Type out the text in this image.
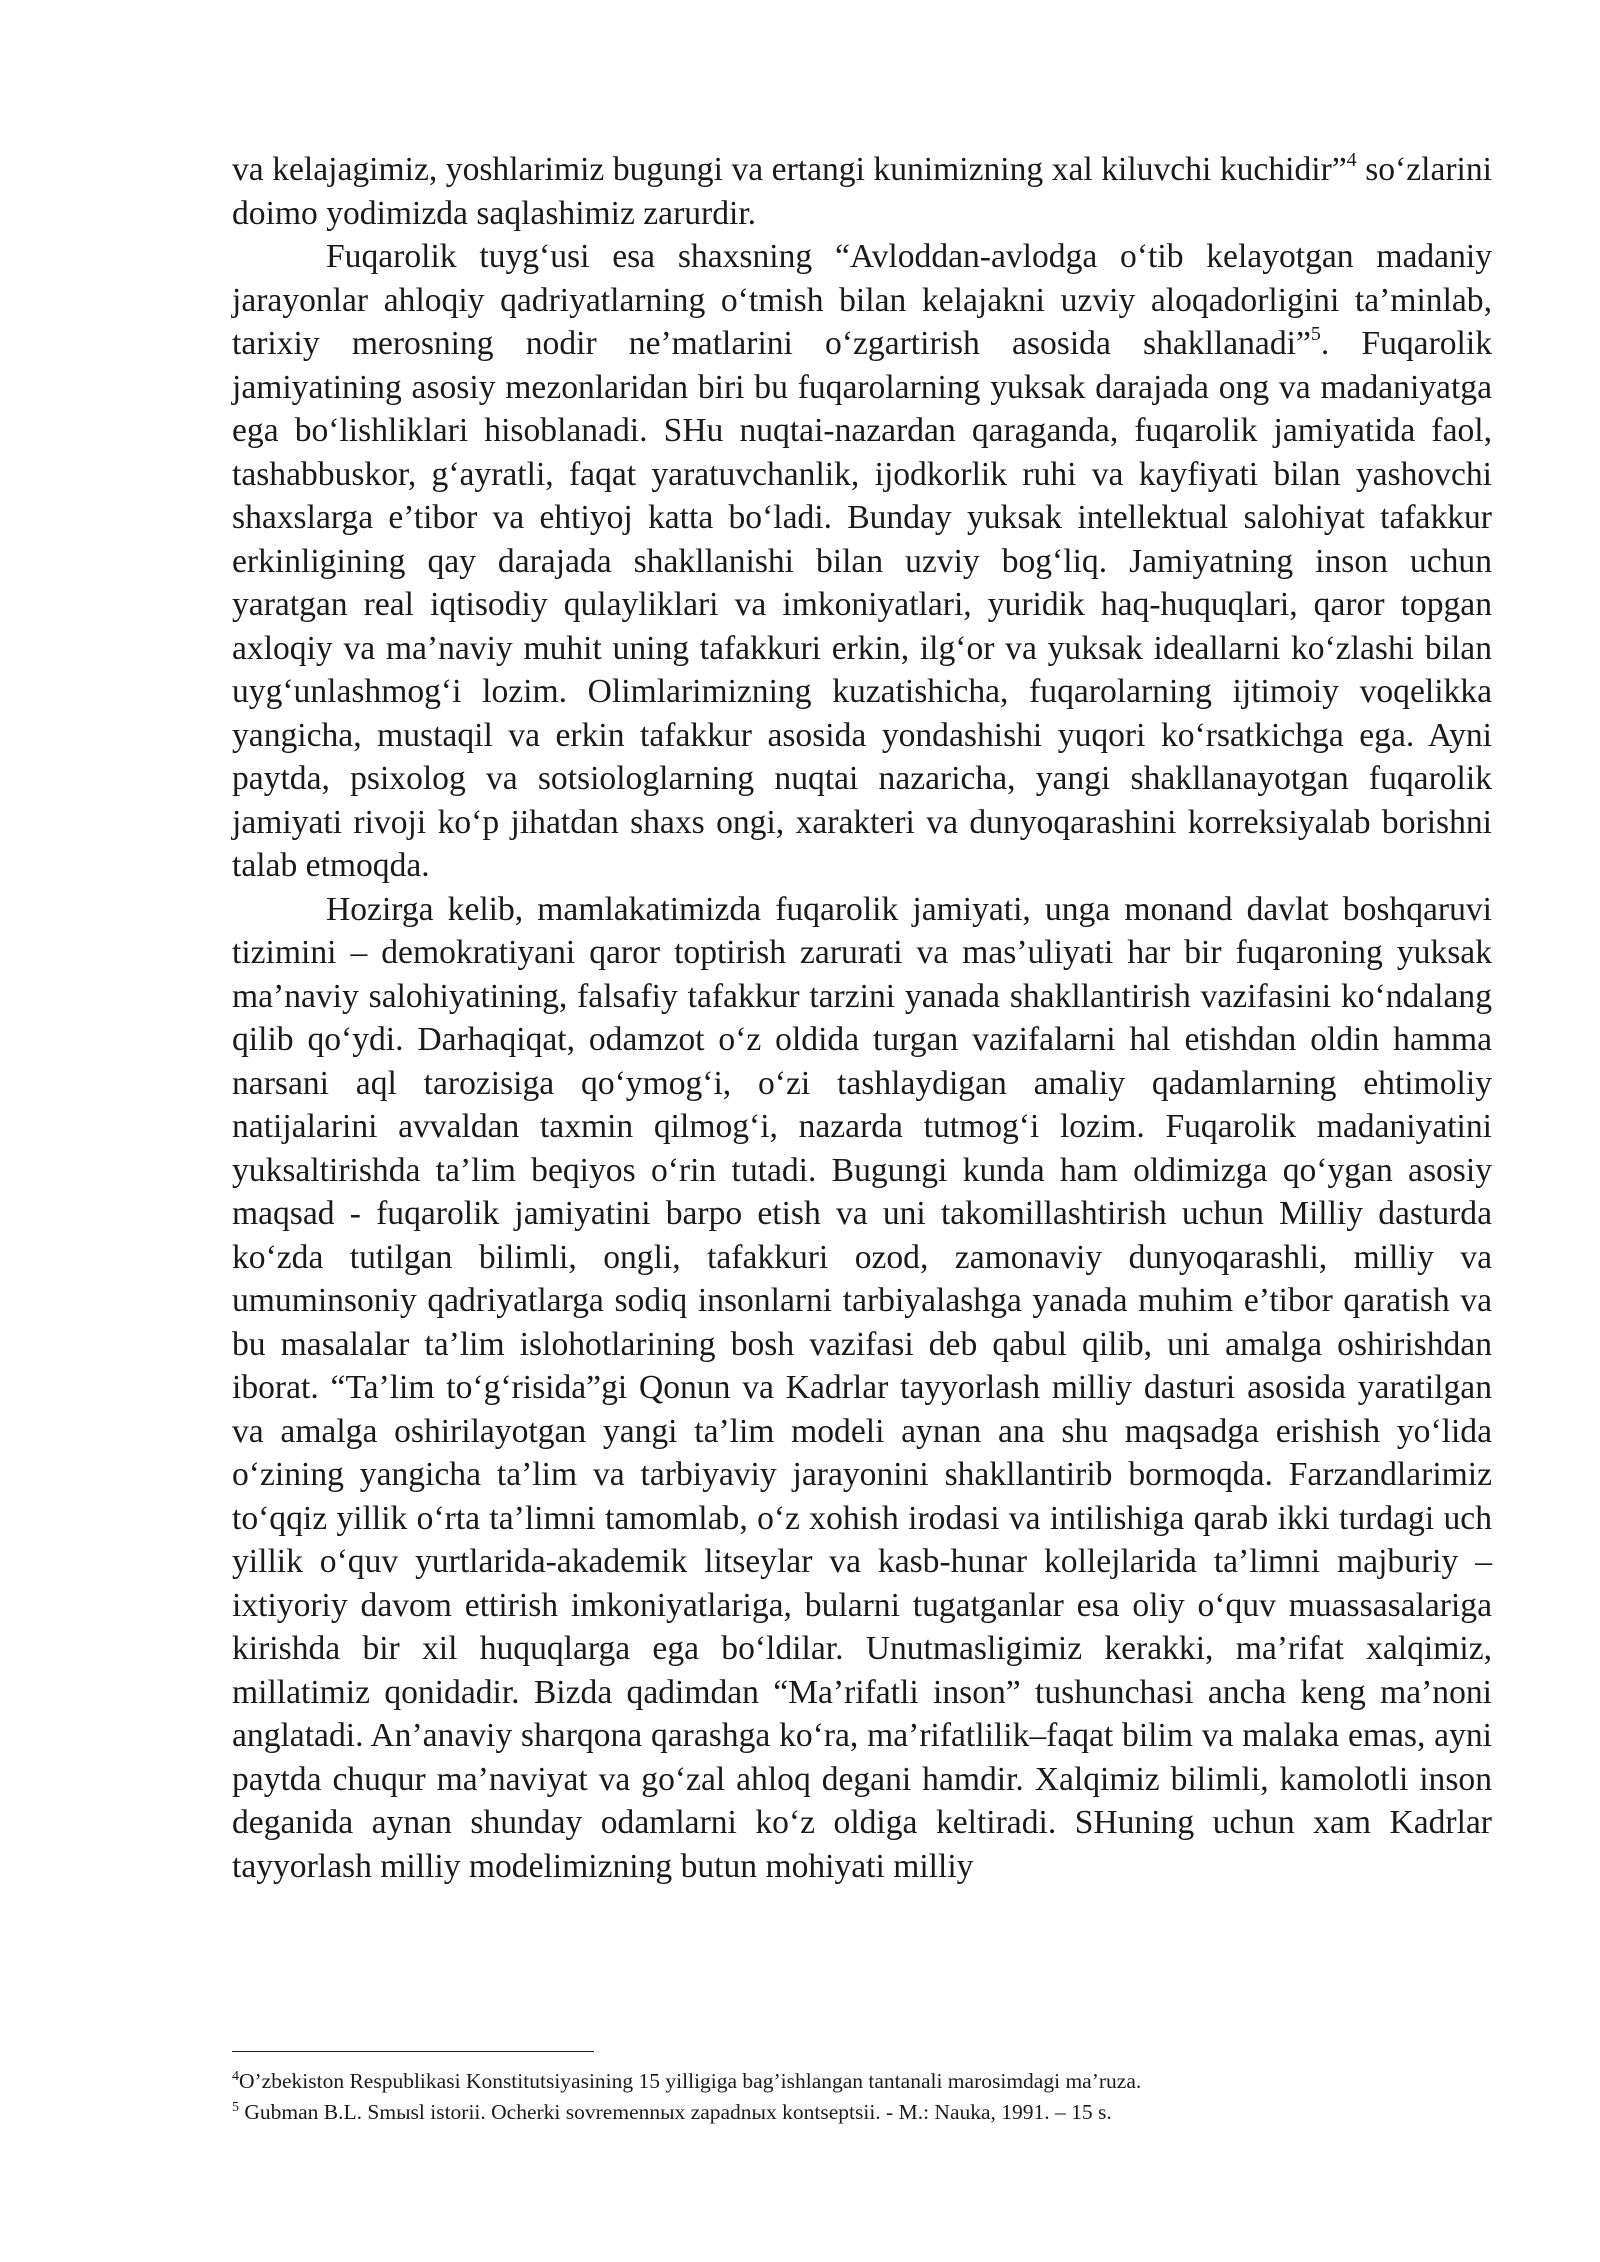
va kelajagimiz, yoshlarimiz bugungi va ertangi kunimizning xal kiluvchi kuchidir”$^4$ so‘zlarini doimo yodimizda saqlashimiz zarurdir.

Fuqarolik tuyg‘usi esa shaxsning “Avloddan-avlodga o‘tib kelayotgan madaniy jarayonlar ahloqiy qadriyatlarning o‘tmish bilan kelajakni uzviy aloqadorligini ta’minlab, tarixiy merosning nodir ne’matlarini o‘zgartirish asosida shakllanadi”$^5$. Fuqarolik jamiyatining asosiy mezonlaridan biri bu fuqarolarning yuksak darajada ong va madaniyatga ega bo‘lishliklari hisoblanadi. SHu nuqtai-nazardan qaraganda, fuqarolik jamiyatida faol, tashabbuskor, g‘ayratli, faqat yaratuvchanlik, ijodkorlik ruhi va kayfiyati bilan yashovchi shaxslarga e’tibor va ehtiyoj katta bo‘ladi. Bunday yuksak intellektual salohiyat tafakkur erkinligining qay darajada shakllanishi bilan uzviy bog‘liq. Jamiyatning inson uchun yaratgan real iqtisodiy qulayliklari va imkoniyatlari, yuridik haq-huquqlari, qaror topgan axloqiy va ma’naviy muhit uning tafakkuri erkin, ilg‘or va yuksak ideallarni ko‘zlashi bilan uyg‘unlashmog‘i lozim. Olimlarimizning kuzatishicha, fuqarolarning ijtimoiy voqelikka yangicha, mustaqil va erkin tafakkur asosida yondashishi yuqori ko‘rsatkichga ega. Ayni paytda, psixolog va sotsiologlarning nuqtai nazaricha, yangi shakllanayotgan fuqarolik jamiyati rivoji ko‘p jihatdan shaxs ongi, xarakteri va dunyoqarashini korreksiyalab borishni talab etmoqda.

Hozirga kelib, mamlakatimizda fuqarolik jamiyati, unga monand davlat boshqaruvi tizimini – demokratiyani qaror toptirish zarurati va mas’uliyati har bir fuqaroning yuksak ma’naviy salohiyatining, falsafiy tafakkur tarzini yanada shakllantirish vazifasini ko‘ndalang qilib qo‘ydi. Darhaqiqat, odamzot o‘z oldida turgan vazifalarni hal etishdan oldin hamma narsani aql tarozisiga qo‘ymog‘i, o‘zi tashlaydigan amaliy qadamlarning ehtimoliy natijalarini avvaldan taxmin qilmog‘i, nazarda tutmog‘i lozim. Fuqarolik madaniyatini yuksaltirishda ta’lim beqiyos o‘rin tutadi. Bugungi kunda ham oldimizga qo‘ygan asosiy maqsad - fuqarolik jamiyatini barpo etish va uni takomillashtirish uchun Milliy dasturda ko‘zda tutilgan bilimli, ongli, tafakkuri ozod, zamonaviy dunyoqarashli, milliy va umuminsoniy qadriyatlarga sodiq insonlarni tarbiyalashga yanada muhim e’tibor qaratish va bu masalalar ta’lim islohotlarining bosh vazifasi deb qabul qilib, uni amalga oshirishdan iborat. “Ta’lim to‘g‘risida”gi Qonun va Kadrlar tayyorlash milliy dasturi asosida yaratilgan va amalga oshirilayotgan yangi ta’lim modeli aynan ana shu maqsadga erishish yo‘lida o‘zining yangicha ta’lim va tarbiyaviy jarayonini shakllantirib bormoqda. Farzandlarimiz to‘qqiz yillik o‘rta ta’limni tamomlab, o‘z xohish irodasi va intilishiga qarab ikki turdagi uch yillik o‘quv yurtlarida-akademik litseylar va kasb-hunar kollejlarida ta’limni majburiy – ixtiyoriy davom ettirish imkoniyatlariga, bularni tugatganlar esa oliy o‘quv muassasalariga kirishda bir xil huquqlarga ega bo‘ldilar. Unutmasligimiz kerakki, ma’rifat xalqimiz, millatimiz qonidadir. Bizda qadimdan “Ma’rifatli inson” tushunchasi ancha keng ma’noni anglatadi. An’anaviy sharqona qarashga ko‘ra, ma’rifatlilik–faqat bilim va malaka emas, ayni paytda chuqur ma’naviyat va go‘zal ahloq degani hamdir. Xalqimiz bilimli, kamolotli inson deganida aynan shunday odamlarni ko‘z oldiga keltiradi. SHuning uchun xam Kadrlar tayyorlash milliy modelimizning butun mohiyati milliy

$^4$O’zbekiston Respublikasi Konstitutsiyasining 15 yilligiga bag’ishlangan tantanali marosimdagi ma’ruza.

$^5$ Gubman B.L. Smыsl istorii. Ocherki sovremennыx zapadnыx kontseptsii. - M.: Nauka, 1991. – 15 s.
